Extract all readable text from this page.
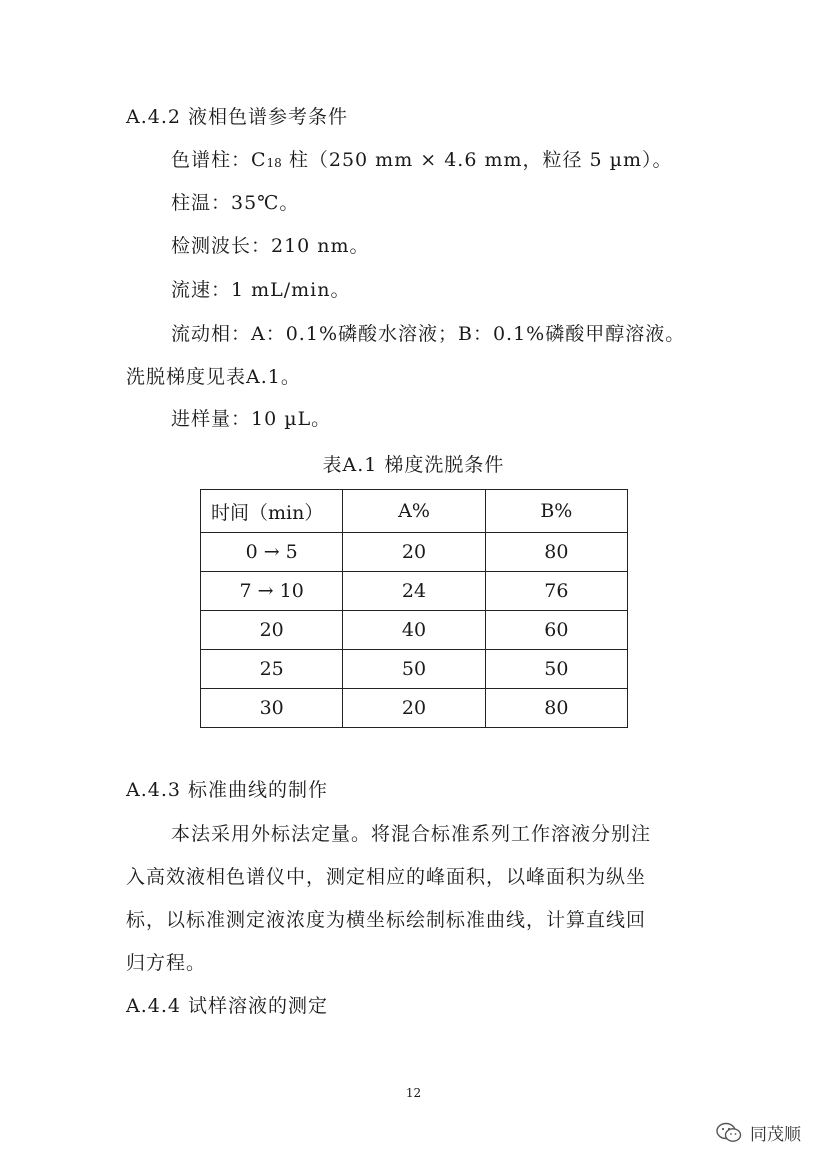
A.4.2 液相色谱参考条件
色谱柱：$C_{18}$ 柱（250 mm × 4.6 mm，粒径 5 µm）。
柱温：35℃。
检测波长：210 nm。
流速：1 mL/min。
流动相：A：0.1%磷酸水溶液；B：0.1%磷酸甲醇溶液。
洗脱梯度见表A.1。
进样量：10 µL。
表A.1 梯度洗脱条件
时间（min）	A%	B%
0 → 5	20	80
7 → 10	24	76
20	40	60
25	50	50
30	20	80
A.4.3 标准曲线的制作
本法采用外标法定量。将混合标准系列工作溶液分别注
入高效液相色谱仪中，测定相应的峰面积，以峰面积为纵坐
标，以标准测定液浓度为横坐标绘制标准曲线，计算直线回
归方程。
A.4.4 试样溶液的测定
12
同茂顺
